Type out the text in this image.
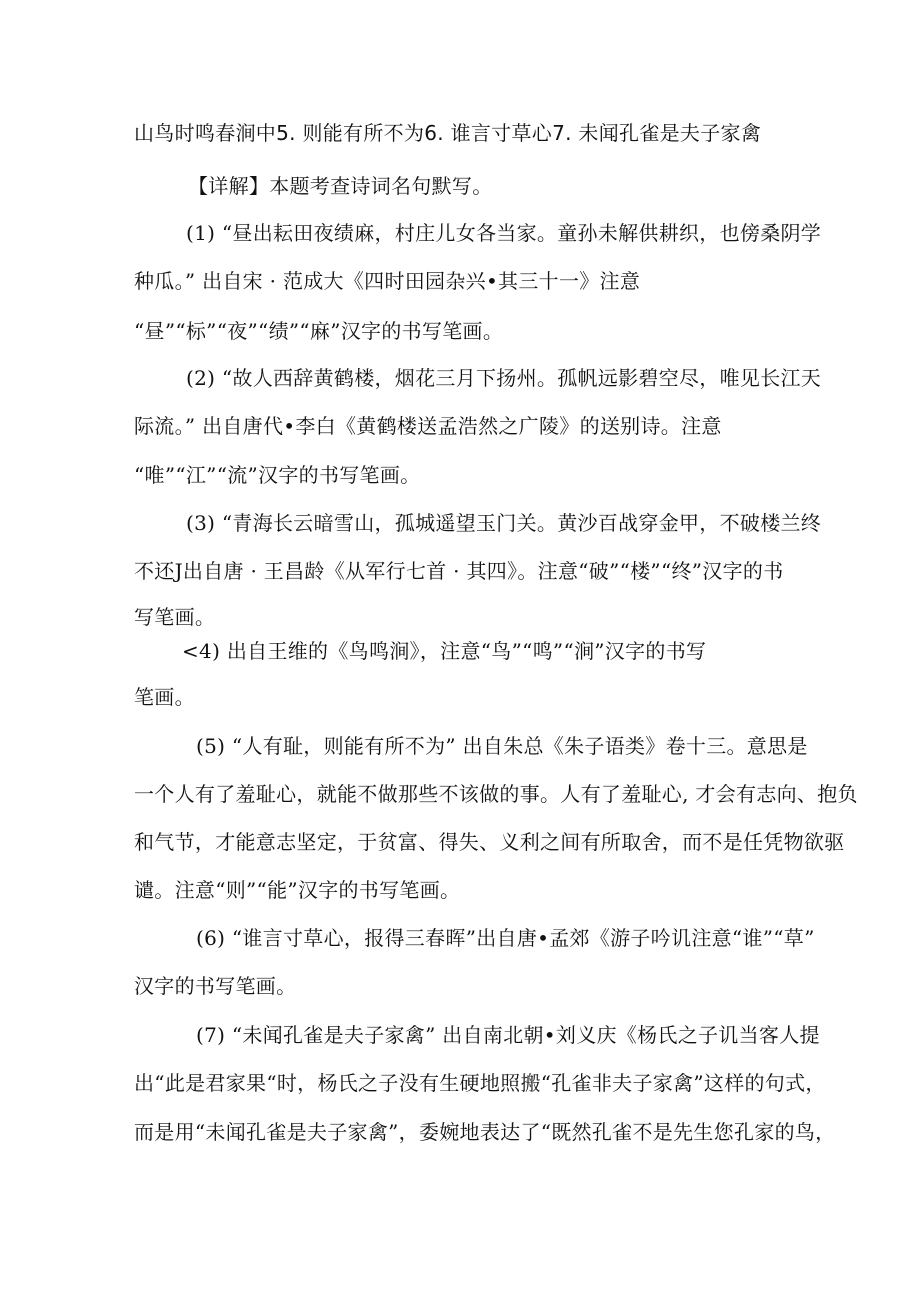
山鸟时鸣春涧中5. 则能有所不为6. 谁言寸草心7. 未闻孔雀是夫子家禽
【详解】本题考查诗词名句默写。
(1) “昼出耘田夜绩麻，村庄儿女各当家。童孙未解供耕织，也傍桑阴学
种瓜。” 出自宋 · 范成大《四时田园杂兴•其三十一》注意
“昼”“标”“夜”“绩”“麻”汉字的书写笔画。
(2) “故人西辞黄鹤楼，烟花三月下扬州。孤帆远影碧空尽，唯见长江天
际流。” 出自唐代•李白《黄鹤楼送孟浩然之广陵》的送别诗。注意
“唯”“江”“流”汉字的书写笔画。
(3) “青海长云暗雪山，孤城遥望玉门关。黄沙百战穿金甲，不破楼兰终
不还J出自唐 · 王昌龄《从军行七首 · 其四》。注意“破”“楼”“终”汉字的书
写笔画。
<4) 出自王维的《鸟鸣涧》，注意“鸟”“鸣”“涧”汉字的书写
笔画。
(5) “人有耻，则能有所不为” 出自朱总《朱子语类》卷十三。意思是
一个人有了羞耻心，就能不做那些不该做的事。人有了羞耻心, 才会有志向、抱负
和气节，才能意志坚定，于贫富、得失、义利之间有所取舍，而不是任凭物欲驱
谴。注意“则”“能”汉字的书写笔画。
(6) “谁言寸草心，报得三春晖”出自唐•孟郊《游子吟讥注意“谁”“草”
汉字的书写笔画。
(7) “未闻孔雀是夫子家禽” 出自南北朝•刘义庆《杨氏之子讥当客人提
出“此是君家果“时，杨氏之子没有生硬地照搬“孔雀非夫子家禽”这样的句式，
而是用“未闻孔雀是夫子家禽”，委婉地表达了“既然孔雀不是先生您孔家的鸟，
